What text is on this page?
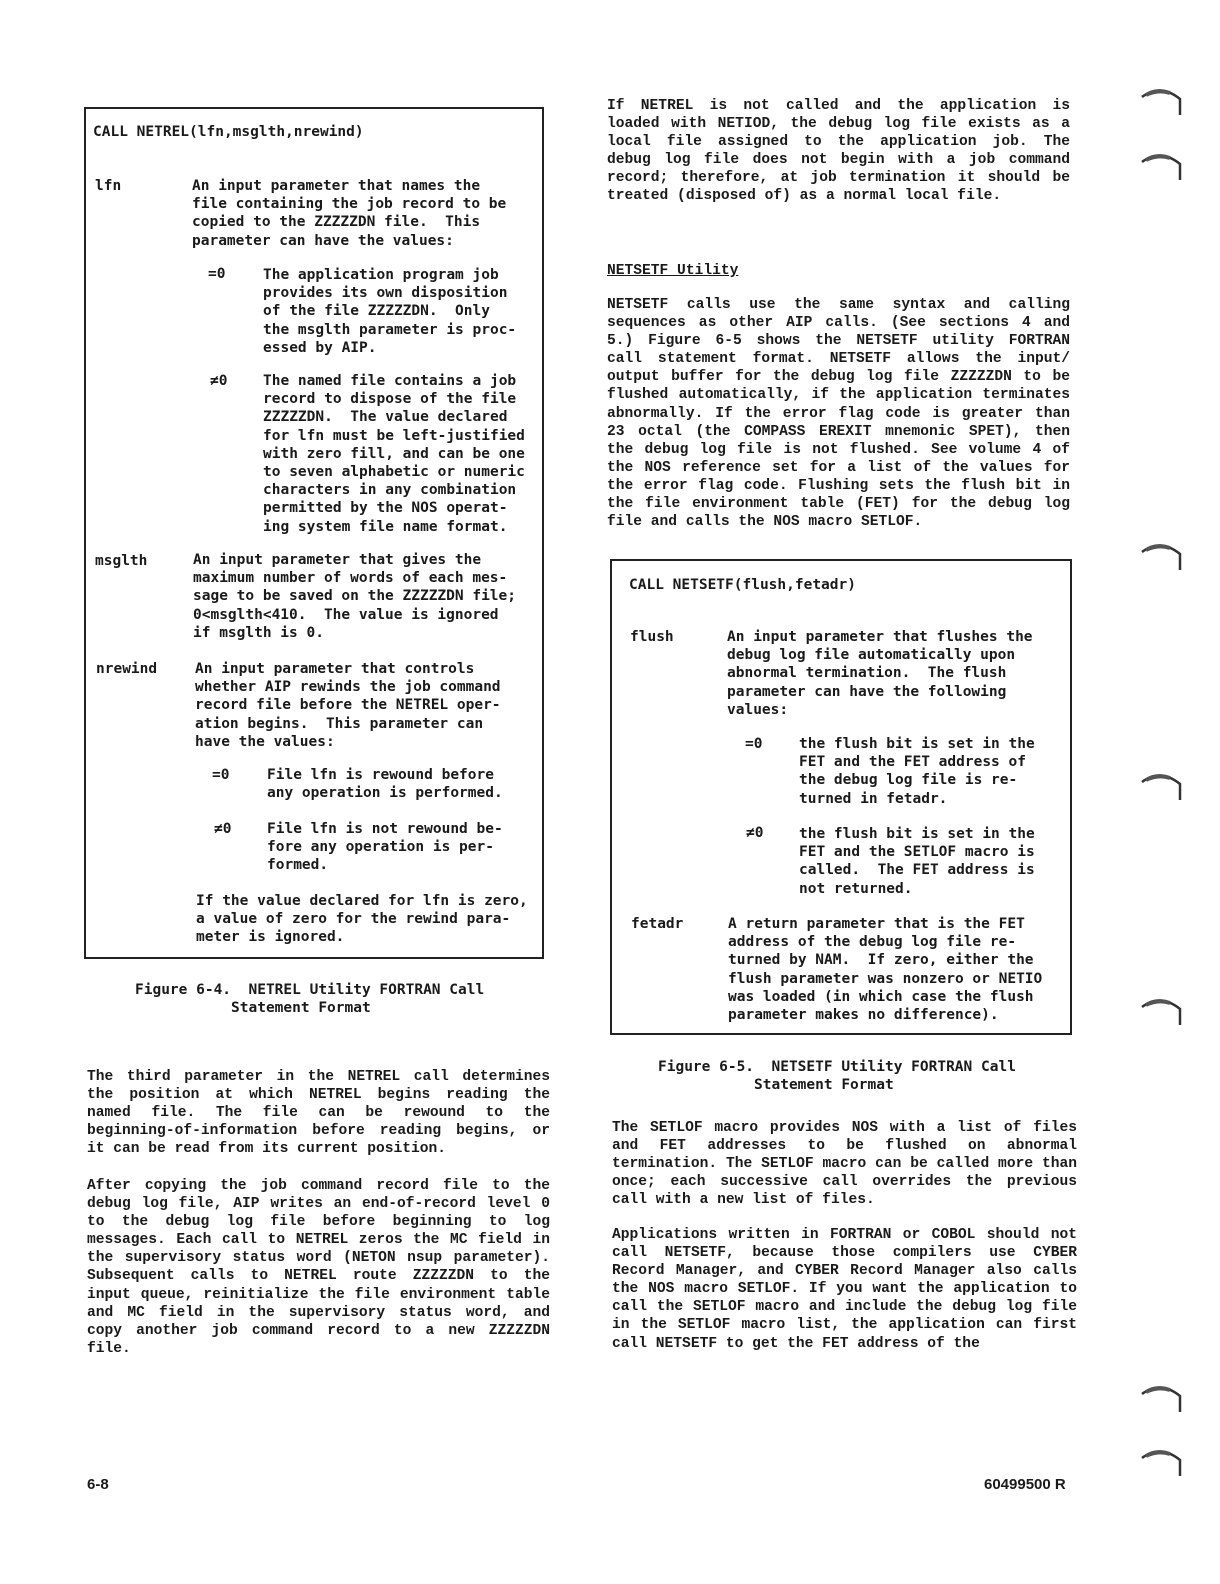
CALL NETREL(lfn,msglth,nrewind)
lfn	An input parameter that names the
file containing the job record to be
copied to the ZZZZZDN file.  This
parameter can have the values:
=0	The application program job
provides its own disposition
of the file ZZZZZDN.  Only
the msglth parameter is proc-
essed by AIP.
≠0 The named file contains a job
record to dispose of the file
ZZZZZDN.  The value declared
for lfn must be left-justified
with zero fill, and can be one
to seven alphabetic or numeric
characters in any combination
permitted by the NOS operat-
ing system file name format.
msglth	An input parameter that gives the
maximum number of words of each mes-
sage to be saved on the ZZZZZDN file;
0<msglth<410.  The value is ignored
if msglth is 0.
nrewind	An input parameter that controls
whether AIP rewinds the job command
record file before the NETREL oper-
ation begins.  This parameter can
have the values:
=0	File lfn is rewound before
any operation is performed.
≠0 File lfn is not rewound be-
fore any operation is per-
formed.
If the value declared for lfn is zero,
a value of zero for the rewind para-
meter is ignored.
Figure 6-4.  NETREL Utility FORTRAN Call
Statement Format
The third parameter in the NETREL call determines the position at which NETREL begins reading the named file. The file can be rewound to the beginning-of-information before reading begins, or it can be read from its current position.
After copying the job command record file to the debug log file, AIP writes an end-of-record level 0 to the debug log file before beginning to log messages. Each call to NETREL zeros the MC field in the supervisory status word (NETON nsup parameter). Subsequent calls to NETREL route ZZZZZDN to the input queue, reinitialize the file environment table and MC field in the supervisory status word, and copy another job command record to a new ZZZZZDN file.
If NETREL is not called and the application is loaded with NETIOD, the debug log file exists as a local file assigned to the application job. The debug log file does not begin with a job command record; therefore, at job termination it should be treated (disposed of) as a normal local file.
NETSETF Utility
NETSETF calls use the same syntax and calling sequences as other AIP calls. (See sections 4 and 5.) Figure 6-5 shows the NETSETF utility FORTRAN call statement format. NETSETF allows the input/ output buffer for the debug log file ZZZZZDN to be flushed automatically, if the application terminates abnormally. If the error flag code is greater than 23 octal (the COMPASS EREXIT mnemonic SPET), then the debug log file is not flushed. See volume 4 of the NOS reference set for a list of the values for the error flag code. Flushing sets the flush bit in the file environment table (FET) for the debug log file and calls the NOS macro SETLOF.
CALL NETSETF(flush,fetadr)
flush	An input parameter that flushes the
debug log file automatically upon
abnormal termination.  The flush
parameter can have the following
values:
=0	the flush bit is set in the
FET and the FET address of
the debug log file is re-
turned in fetadr.
≠0 the flush bit is set in the
FET and the SETLOF macro is
called.  The FET address is
not returned.
fetadr	A return parameter that is the FET
address of the debug log file re-
turned by NAM.  If zero, either the
flush parameter was nonzero or NETIO
was loaded (in which case the flush
parameter makes no difference).
Figure 6-5.  NETSETF Utility FORTRAN Call
Statement Format
The SETLOF macro provides NOS with a list of files and FET addresses to be flushed on abnormal termination. The SETLOF macro can be called more than once; each successive call overrides the previous call with a new list of files.
Applications written in FORTRAN or COBOL should not call NETSETF, because those compilers use CYBER Record Manager, and CYBER Record Manager also calls the NOS macro SETLOF. If you want the application to call the SETLOF macro and include the debug log file in the SETLOF macro list, the application can first call NETSETF to get the FET address of the
6-8	60499500 R
